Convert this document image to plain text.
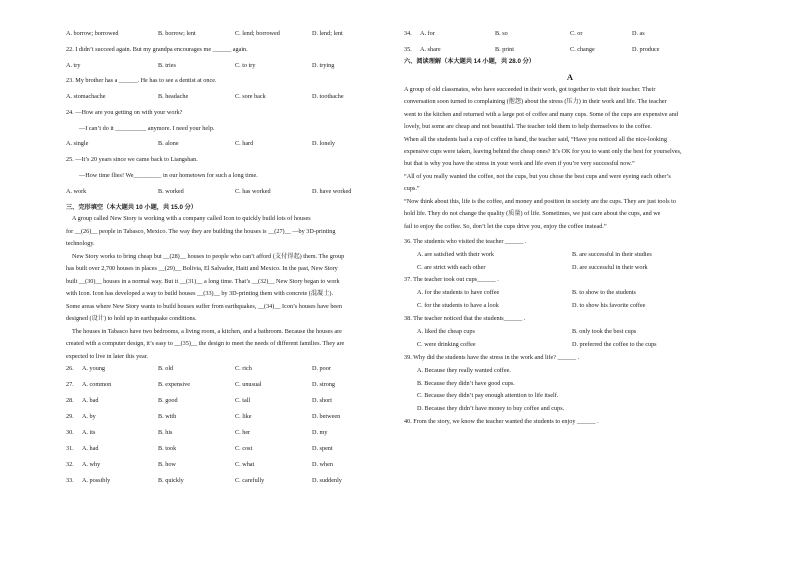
A. borrow; borrowed	B. borrow; lent	C. lend; borrowed	D. lend; lent
22. I didn’t succeed again. But my grandpa encourages me ______ again.
A. try	B. tries	C. to try	D. trying
23. My brother has a ______. He has to see a dentist at once.
A. stomachache	B. headache	C. sore back	D. toothache
24. —How are you getting on with your work?
—I can’t do it __________ anymore. I need your help.
A. single	B. alone	C. hard	D. lonely
25. —It’s 20 years since we came back to Liangshan.
—How time flies! We_________ in our hometown for such a long time.
A. work	B. worked	C. has worked	D. have worked
三、完形填空（本大题共 10 小题，共 15.0 分）
A group called New Story is working with a company called Icon to quickly build lots of houses
for __(26)__ people in Tabasco, Mexico. The way they are building the houses is __(27)__ —by 3D-printing
technology.
New Story works to bring cheap but __(28)__ houses to people who can’t afford (支付得起) them. The group
has built over 2,700 houses in places __(29)__ Bolivia, El Salvador, Haiti and Mexico. In the past, New Story
built __(30)__ houses in a normal way. But it __(31)__ a long time. That’s __(32)__ New Story began to work
with Icon. Icon has developed a way to build houses __(33)__ by 3D-printing them with concrete (混凝土).
Some areas where New Story wants to build houses suffer from earthquakes, __(34)__ Icon’s houses have been
designed (设计) to hold up in earthquake conditions.
The houses in Tabasco have two bedrooms, a living room, a kitchen, and a bathroom. Because the houses are
created with a computer design, it’s easy to __(35)__ the design to meet the needs of different families. They are
expected to live in later this year.
26. A. young	B. old	C. rich	D. poor
27. A. common	B. expensive	C. unusual	D. strong
28. A. bad	B. good	C. tall	D. short
29. A. by	B. with	C. like	D. between
30. A. its	B. his	C. her	D. my
31. A. had	B. took	C. cost	D. spent
32. A. why	B. how	C. what	D. when
33. A. possibly	B. quickly	C. carefully	D. suddenly
34. A. for	B. so	C. or	D. as
35. A. share	B. print	C. change	D. produce
六、阅读理解（本大题共 14 小题，共 28.0 分）
A
A group of old classmates, who have succeeded in their work, got together to visit their teacher. Their
conversation soon turned to complaining (抱怨) about the stress (压力) in their work and life. The teacher
went to the kitchen and returned with a large pot of coffee and many cups. Some of the cups are expensive and
lovely, but some are cheap and not beautiful. The teacher told them to help themselves to the coffee.
When all the students had a cup of coffee in hand, the teacher said, “Have you noticed all the nice-looking
expensive cups were taken, leaving behind the cheap ones? It’s OK for you to want only the best for yourselves,
but that is why you have the stress in your work and life even if you’re very successful now.”
“All of you really wanted the coffee, not the cups, but you chose the best cups and were eyeing each other’s
cups.”
“Now think about this, life is the coffee, and money and position in society are the cups. They are just tools to
hold life. They do not change the quality (质量) of life. Sometimes, we just care about the cups, and we
fail to enjoy the coffee. So, don’t let the cups drive you, enjoy the coffee instead.”
36. The students who visited the teacher ______ .
A. are satisfied with their work	B. are successful in their studies
C. are strict with each other	D. are successful in their work
37. The teacher took out cups______ .
A. for the students to have coffee	B. to show to the students
C. for the students to have a look	D. to show his favorite coffee
38. The teacher noticed that the students______ .
A. liked the cheap cups	B. only took the best cups
C. were drinking coffee	D. preferred the coffee to the cups
39. Why did the students have the stress in the work and life? ______ .
A. Because they really wanted coffee.
B. Because they didn’t have good cups.
C. Because they didn’t pay enough attention to life itself.
D. Because they didn’t have money to buy coffee and cups.
40. From the story, we know the teacher wanted the students to enjoy ______ .
